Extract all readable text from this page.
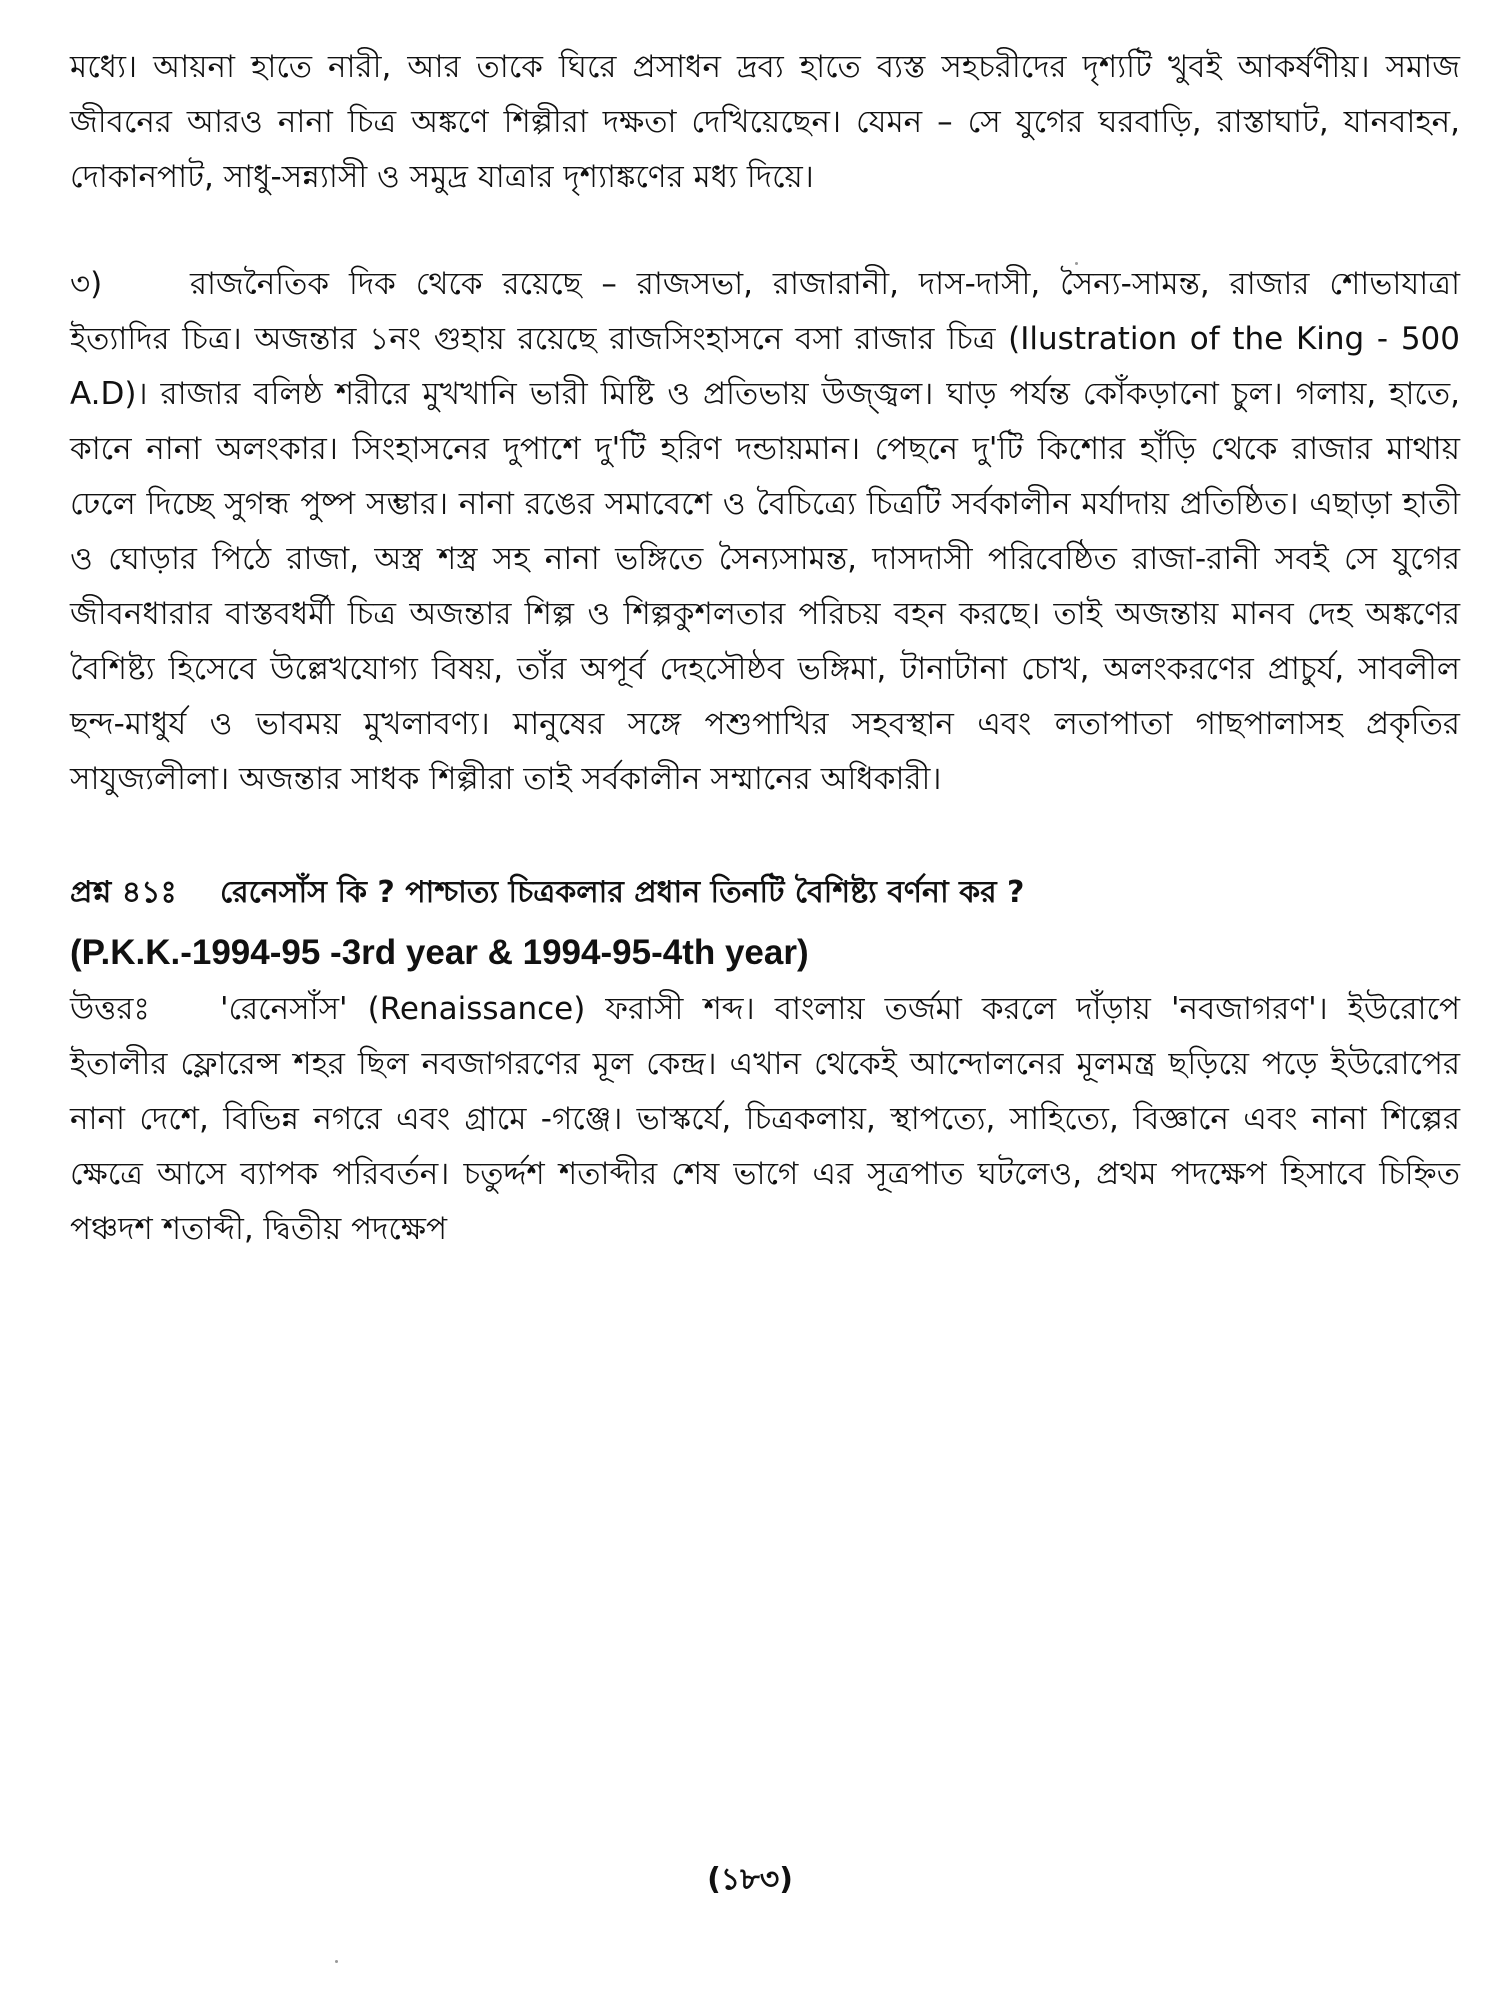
মধ্যে। আয়না হাতে নারী, আর তাকে ঘিরে প্রসাধন দ্রব্য হাতে ব্যস্ত সহচরীদের দৃশ্যটি খুবই আকর্ষণীয়। সমাজ জীবনের আরও নানা চিত্র অঙ্কণে শিল্পীরা দক্ষতা দেখিয়েছেন। যেমন – সে যুগের ঘরবাড়ি, রাস্তাঘাট, যানবাহন, দোকানপাট, সাধু-সন্ন্যাসী ও সমুদ্র যাত্রার দৃশ্যাঙ্কণের মধ্য দিয়ে।

৩)	রাজনৈতিক দিক থেকে রয়েছে – রাজসভা, রাজারানী, দাস-দাসী, সৈন্য-সামন্ত, রাজার শোভাযাত্রা ইত্যাদির চিত্র। অজন্তার ১নং গুহায় রয়েছে রাজসিংহাসনে বসা রাজার চিত্র (Ilustration of the King - 500 A.D)। রাজার বলিষ্ঠ শরীরে মুখখানি ভারী মিষ্টি ও প্রতিভায় উজ্জ্বল। ঘাড় পর্যন্ত কোঁকড়ানো চুল। গলায়, হাতে, কানে নানা অলংকার। সিংহাসনের দুপাশে দু'টি হরিণ দন্ডায়মান। পেছনে দু'টি কিশোর হাঁড়ি থেকে রাজার মাথায় ঢেলে দিচ্ছে সুগন্ধ পুষ্প সম্ভার। নানা রঙের সমাবেশে ও বৈচিত্র্যে চিত্রটি সর্বকালীন মর্যাদায় প্রতিষ্ঠিত। এছাড়া হাতী ও ঘোড়ার পিঠে রাজা, অস্ত্র শস্ত্র সহ নানা ভঙ্গিতে সৈন্যসামন্ত, দাসদাসী পরিবেষ্ঠিত রাজা-রানী সবই সে যুগের জীবনধারার বাস্তবধর্মী চিত্র অজন্তার শিল্প ও শিল্পকুশলতার পরিচয় বহন করছে। তাই অজন্তায় মানব দেহ অঙ্কণের বৈশিষ্ট্য হিসেবে উল্লেখযোগ্য বিষয়, তাঁর অপূর্ব দেহসৌষ্ঠব ভঙ্গিমা, টানাটানা চোখ, অলংকরণের প্রাচুর্য, সাবলীল ছন্দ-মাধুর্য ও ভাবময় মুখলাবণ্য। মানুষের সঙ্গে পশুপাখির সহবস্থান এবং লতাপাতা গাছপালাসহ প্রকৃতির সাযুজ্যলীলা। অজন্তার সাধক শিল্পীরা তাই সর্বকালীন সম্মানের অধিকারী।

প্রশ্ন ৪১ঃ রেনেসাঁস কি ? পাশ্চাত্য চিত্রকলার প্রধান তিনটি বৈশিষ্ট্য বর্ণনা কর ?

(P.K.K.-1994-95 -3rd year & 1994-95-4th year)

উত্তরঃ 'রেনেসাঁস' (Renaissance) ফরাসী শব্দ। বাংলায় তর্জমা করলে দাঁড়ায় 'নবজাগরণ'। ইউরোপে ইতালীর ফ্লোরেন্স শহর ছিল নবজাগরণের মূল কেন্দ্র। এখান থেকেই আন্দোলনের মূলমন্ত্র ছড়িয়ে পড়ে ইউরোপের নানা দেশে, বিভিন্ন নগরে এবং গ্রামে -গঞ্জে। ভাস্কর্যে, চিত্রকলায়, স্থাপত্যে, সাহিত্যে, বিজ্ঞানে এবং নানা শিল্পের ক্ষেত্রে আসে ব্যাপক পরিবর্তন। চতুর্দ্দশ শতাব্দীর শেষ ভাগে এর সূত্রপাত ঘটলেও, প্রথম পদক্ষেপ হিসাবে চিহ্নিত পঞ্চদশ শতাব্দী, দ্বিতীয় পদক্ষেপ

(১৮৩)
